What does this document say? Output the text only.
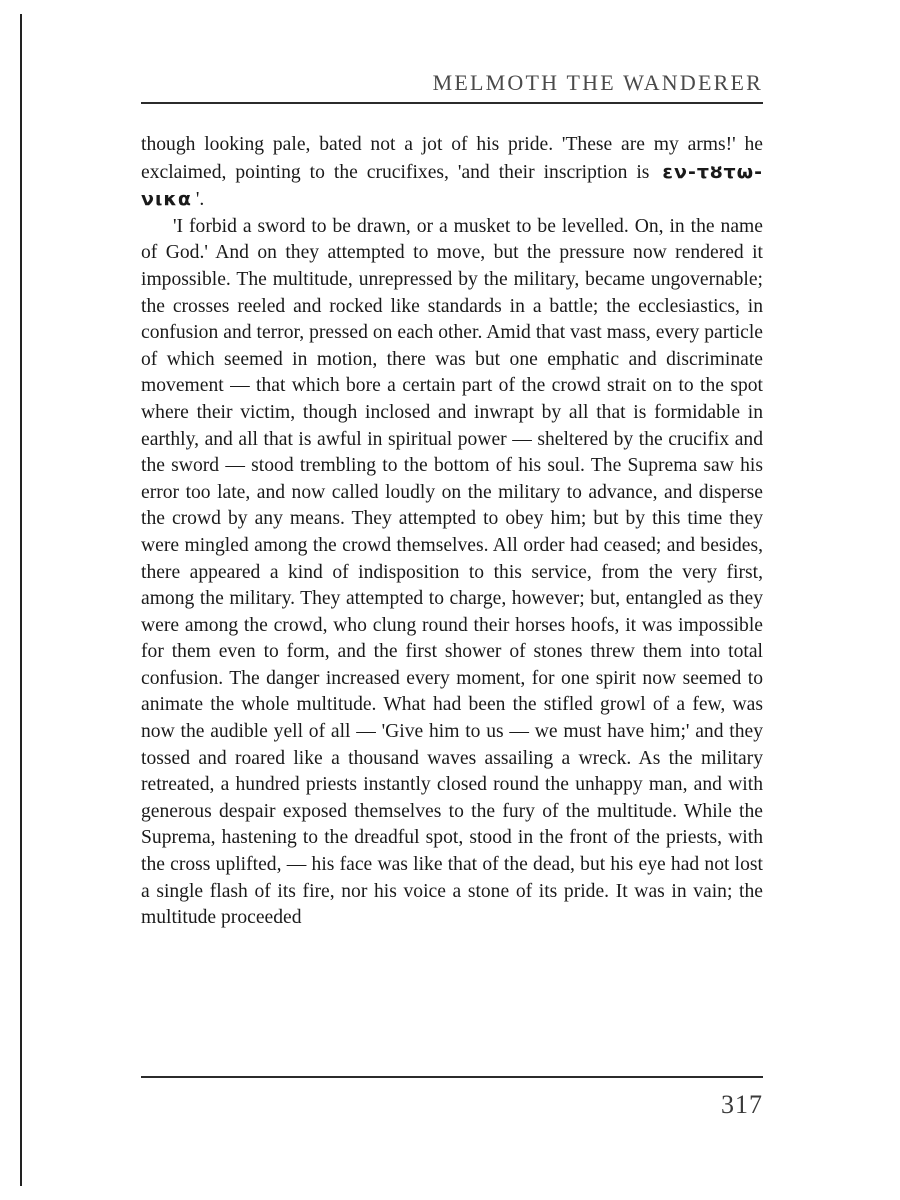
MELMOTH THE WANDERER

though looking pale, bated not a jot of his pride. 'These are my arms!' he exclaimed, pointing to the crucifixes, 'and their inscription is εν-τȣτω-νικα '.

'I forbid a sword to be drawn, or a musket to be levelled. On, in the name of God.' And on they attempted to move, but the pressure now rendered it impossible. The multitude, unrepressed by the military, became ungovernable; the crosses reeled and rocked like standards in a battle; the ecclesiastics, in confusion and terror, pressed on each other. Amid that vast mass, every particle of which seemed in motion, there was but one emphatic and discriminate movement — that which bore a certain part of the crowd strait on to the spot where their victim, though inclosed and inwrapt by all that is formidable in earthly, and all that is awful in spiritual power — sheltered by the crucifix and the sword — stood trembling to the bottom of his soul. The Suprema saw his error too late, and now called loudly on the military to advance, and disperse the crowd by any means. They attempted to obey him; but by this time they were mingled among the crowd themselves. All order had ceased; and besides, there appeared a kind of indisposition to this service, from the very first, among the military. They attempted to charge, however; but, entangled as they were among the crowd, who clung round their horses hoofs, it was impossible for them even to form, and the first shower of stones threw them into total confusion. The danger increased every moment, for one spirit now seemed to animate the whole multitude. What had been the stifled growl of a few, was now the audible yell of all — 'Give him to us — we must have him;' and they tossed and roared like a thousand waves assailing a wreck. As the military retreated, a hundred priests instantly closed round the unhappy man, and with generous despair exposed themselves to the fury of the multitude. While the Suprema, hastening to the dreadful spot, stood in the front of the priests, with the cross uplifted, — his face was like that of the dead, but his eye had not lost a single flash of its fire, nor his voice a stone of its pride. It was in vain; the multitude proceeded

317
